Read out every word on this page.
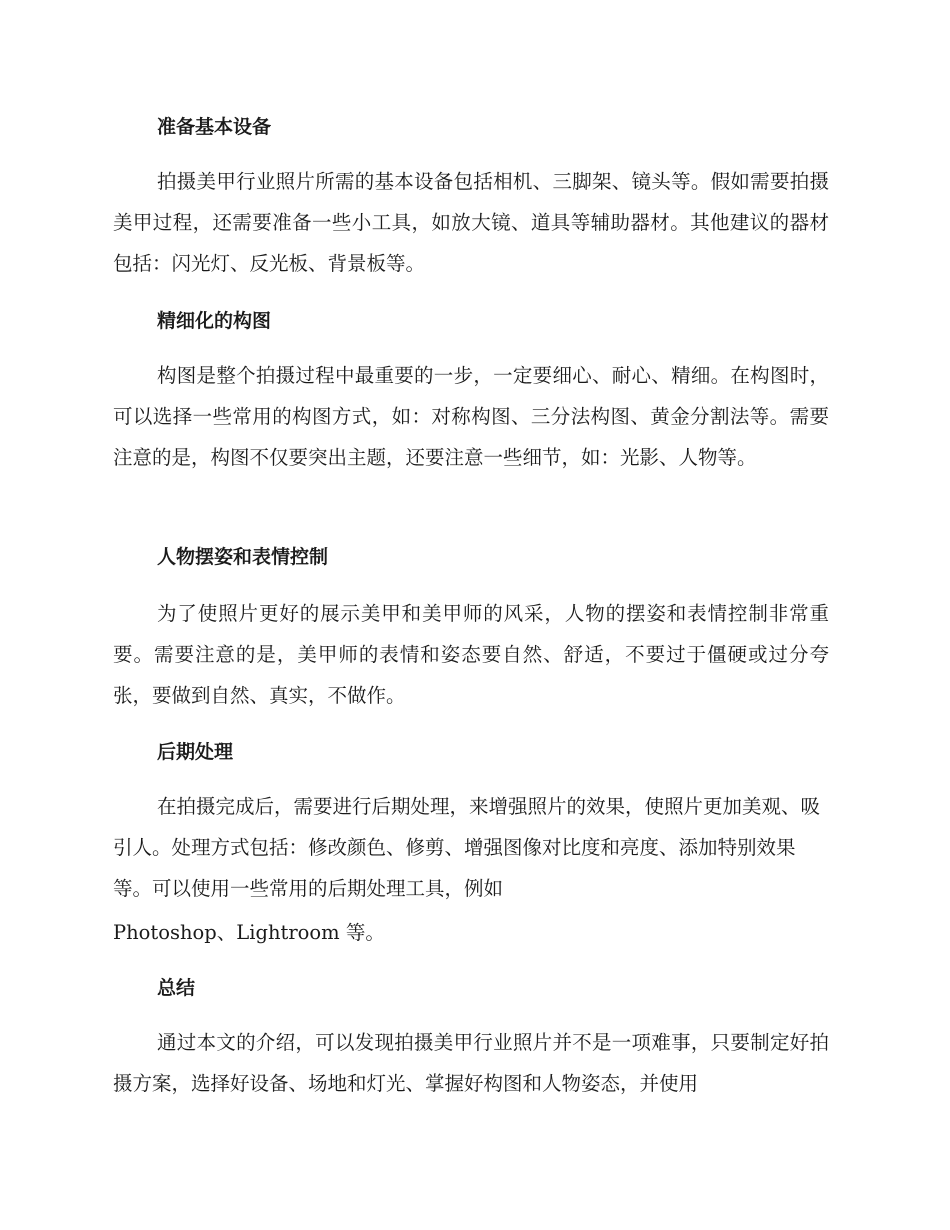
准备基本设备

拍摄美甲行业照片所需的基本设备包括相机、三脚架、镜头等。假如需要拍摄美甲过程，还需要准备一些小工具，如放大镜、道具等辅助器材。其他建议的器材包括：闪光灯、反光板、背景板等。

精细化的构图

构图是整个拍摄过程中最重要的一步，一定要细心、耐心、精细。在构图时，可以选择一些常用的构图方式，如：对称构图、三分法构图、黄金分割法等。需要注意的是，构图不仅要突出主题，还要注意一些细节，如：光影、人物等。

人物摆姿和表情控制

为了使照片更好的展示美甲和美甲师的风采，人物的摆姿和表情控制非常重要。需要注意的是，美甲师的表情和姿态要自然、舒适，不要过于僵硬或过分夸张，要做到自然、真实，不做作。

后期处理

在拍摄完成后，需要进行后期处理，来增强照片的效果，使照片更加美观、吸引人。处理方式包括：修改颜色、修剪、增强图像对比度和亮度、添加特别效果等。可以使用一些常用的后期处理工具，例如

Photoshop、Lightroom 等。

总结

通过本文的介绍，可以发现拍摄美甲行业照片并不是一项难事，只要制定好拍摄方案，选择好设备、场地和灯光、掌握好构图和人物姿态，并使用
